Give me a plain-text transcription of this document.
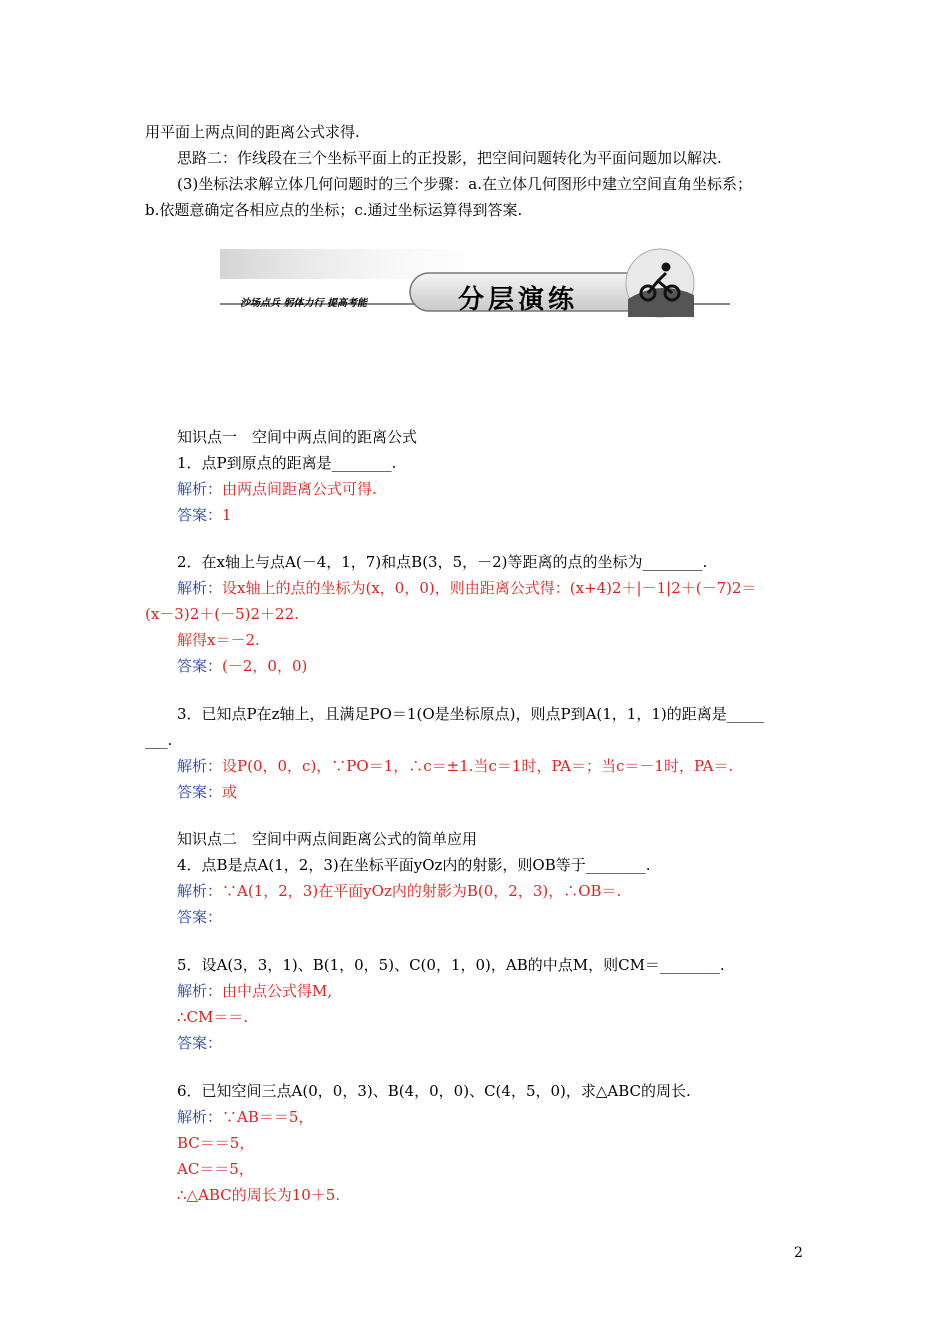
用平面上两点间的距离公式求得.
思路二：作线段在三个坐标平面上的正投影，把空间问题转化为平面问题加以解决.
(3)坐标法求解立体几何问题时的三个步骤：a.在立体几何图形中建立空间直角坐标系；
b.依题意确定各相应点的坐标；c.通过坐标运算得到答案.
沙场点兵 躬体力行 提高考能	分层演练
知识点一　空间中两点间的距离公式
1．点P到原点的距离是________.
解析：由两点间距离公式可得.
答案：1
2．在x轴上与点A(－4，1，7)和点B(3，5，－2)等距离的点的坐标为________.
解析：设x轴上的点的坐标为(x，0，0)，则由距离公式得：(x+4)2＋|－1|2＋(－7)2＝
(x－3)2＋(－5)2＋22.
解得x＝－2.
答案：(－2，0，0)
3．已知点P在z轴上，且满足PO＝1(O是坐标原点)，则点P到A(1，1，1)的距离是_____
___.
解析：设P(0，0，c)，∵PO＝1，∴c＝±1.当c＝1时，PA＝；当c＝－1时，PA＝.
答案：或
知识点二　空间中两点间距离公式的简单应用
4．点B是点A(1，2，3)在坐标平面yOz内的射影，则OB等于________.
解析：∵A(1，2，3)在平面yOz内的射影为B(0，2，3)，∴OB＝.
答案：
5．设A(3，3，1)、B(1，0，5)、C(0，1，0)，AB的中点M，则CM＝________.
解析：由中点公式得M,
∴CM＝＝.
答案：
6．已知空间三点A(0，0，3)、B(4，0，0)、C(4，5，0)，求△ABC的周长.
解析：∵AB＝＝5，
BC＝＝5，
AC＝＝5，
∴△ABC的周长为10＋5.
2
